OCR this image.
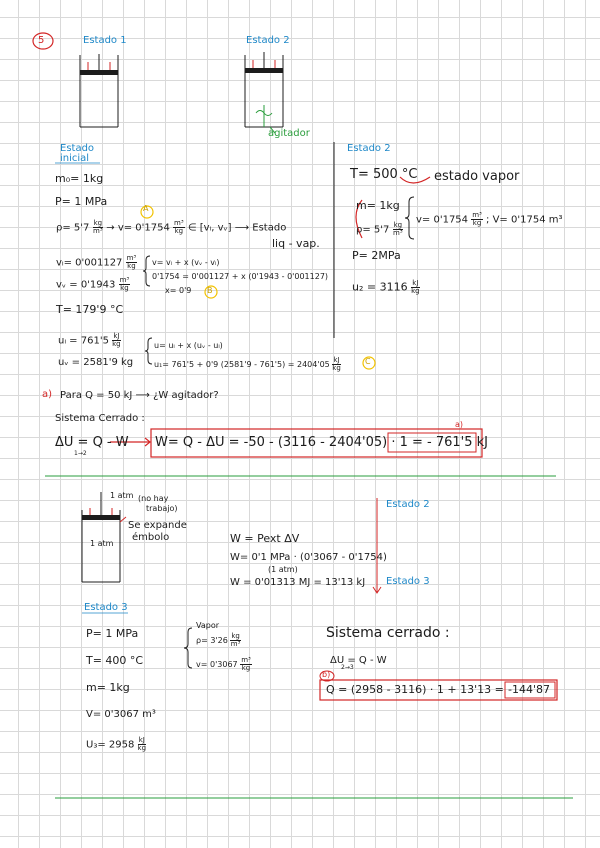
5	Estado 1	Estado 2
agitador
Estado
inicial
m₀= 1kg
P= 1 MPa
$\rho= 5'7 \frac{kg}{\text{m³}} \to v= 0'1754 \frac{\text{m³}}{kg}$ ∈ [vₗ, vᵥ] ⟶ Estado
A
liq - vap.
$v_l= 0'001127 \frac{\text{m³}}{kg}$
vᵥ = $0'1943 \frac{\text{m³}}{kg}$
v= vₗ + x (vᵥ - vₗ)
0'1754 = 0'001127 + x (0'1943 - 0'001127)
x= 0'9 B
T= 179'9 °C
$u_l = 761'5 \frac{kJ}{kg}$
uᵥ = 2581'9 kg
u= uₗ + x (uᵥ - uₗ)
u₁= 761'5 + 0'9 $(2581'9 - 761'5) = 2404'05 \frac{kJ}{kg}$	C
Estado 2
T= 500 °C estado vapor
m= 1kg
$\rho= 5'7 \frac{kg}{\text{m³}}$
$v= 0'1754 \frac{\text{m³}}{kg}$ ; V= 0'1754 m³
P= 2MPa
$u_2 = 3116 \frac{kJ}{kg}$
a) Para Q = 50 kJ ⟶ ¿W agitador?
Sistema Cerrado :
ΔU = Q - W
1→2
W= Q - ΔU = -50 - (3116 - 2404'05) · 1 = - 761'5 kJ
a)
1 atm (no hay
trabajo)
Se expande
émbolo
1 atm
Estado 2
Estado 3
W = Pext ΔV
W= 0'1 MPa · (0'3067 - 0'1754)
(1 atm)
W = 0'01313 MJ = 13'13 kJ
Estado 3
P= 1 MPa
T= 400 °C
m= 1kg
V= 0'3067 m³
$U_3= 2958 \frac{kJ}{kg}$
Vapor
$\rho= 3'26 \frac{kg}{\text{m³}}$
$v= 0'3067 \frac{\text{m³}}{kg}$
Sistema cerrado :
ΔU = Q - W
2→3
b)
Q = (2958 - 3116) · 1 + 13'13 = -144'87
